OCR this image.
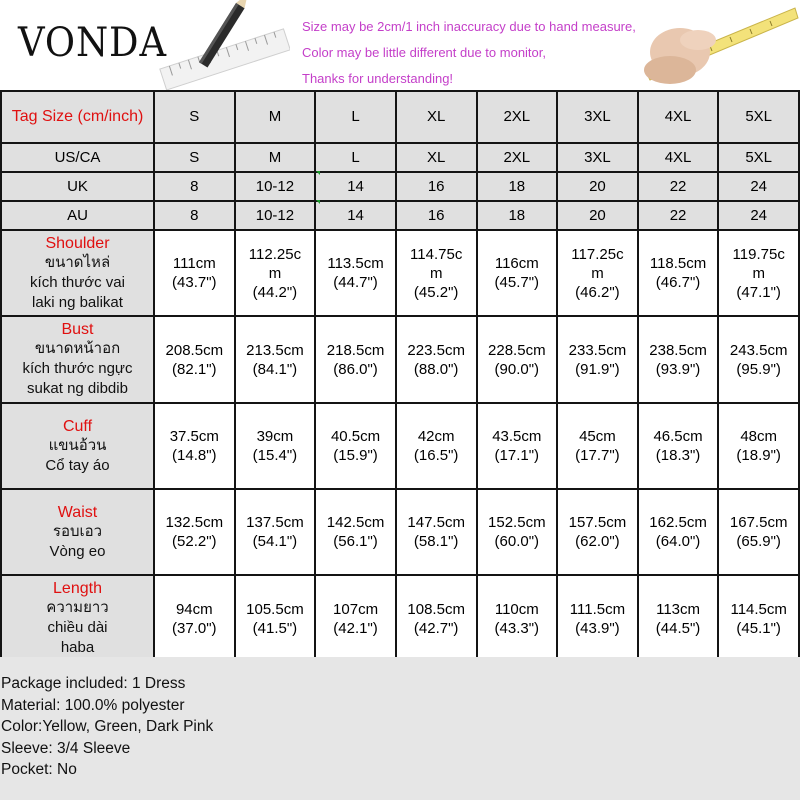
VONDA	Size may be 2cm/1 inch inaccuracy due to hand measure,
Color may be little different due to monitor,
Thanks for understanding!
Tag Size (cm/inch)	S	M	L	XL	2XL	3XL	4XL	5XL
US/CA	S	M	L	XL	2XL	3XL	4XL	5XL
UK	8	10-12	14	16	18	20	22	24
AU	8	10-12	14	16	18	20	22	24

Shoulder
ขนาดไหล่
kích thước vai
laki ng balikat	111cm
(43.7")	112.25c
m
(44.2")	113.5cm
(44.7")	114.75c
m
(45.2")	116cm
(45.7")	117.25c
m
(46.2")	118.5cm
(46.7")	119.75c
m
(47.1")

Bust
ขนาดหน้าอก
kích thước ngực
sukat ng dibdib	208.5cm
(82.1")	213.5cm
(84.1")	218.5cm
(86.0")	223.5cm
(88.0")	228.5cm
(90.0")	233.5cm
(91.9")	238.5cm
(93.9")	243.5cm
(95.9")

Cuff
แขนอ้วน
Cổ tay áo	37.5cm
(14.8")	39cm
(15.4")	40.5cm
(15.9")	42cm
(16.5")	43.5cm
(17.1")	45cm
(17.7")	46.5cm
(18.3")	48cm
(18.9")

Waist
รอบเอว
Vòng eo	132.5cm
(52.2")	137.5cm
(54.1")	142.5cm
(56.1")	147.5cm
(58.1")	152.5cm
(60.0")	157.5cm
(62.0")	162.5cm
(64.0")	167.5cm
(65.9")

Length
ความยาว
chiều dài
haba	94cm
(37.0")	105.5cm
(41.5")	107cm
(42.1")	108.5cm
(42.7")	110cm
(43.3")	111.5cm
(43.9")	113cm
(44.5")	114.5cm
(45.1")
Package included: 1 Dress
Material: 100.0% polyester
Color:Yellow, Green, Dark Pink
Sleeve: 3/4 Sleeve
Pocket: No
